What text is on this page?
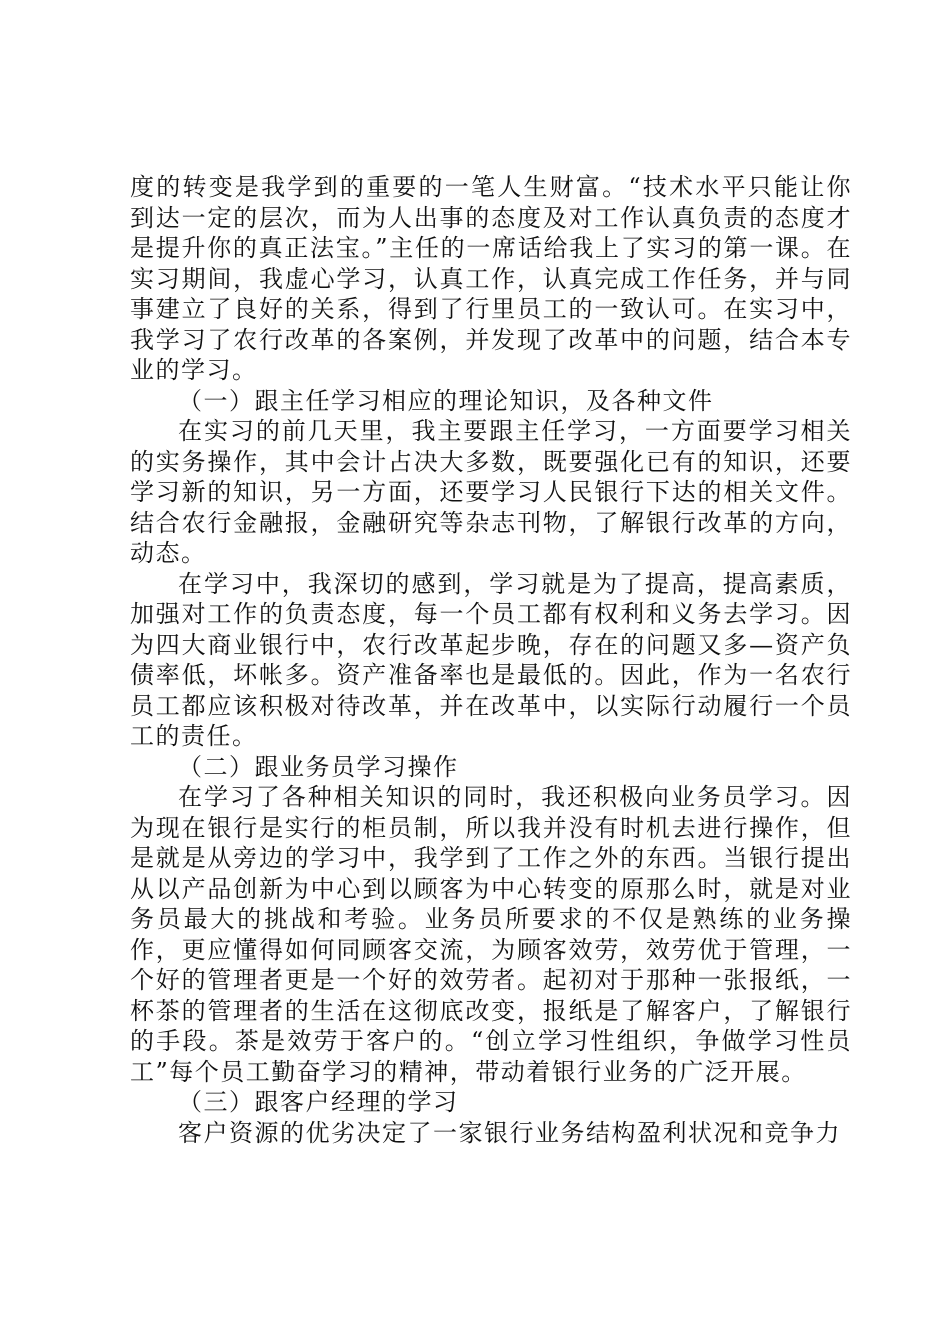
度的转变是我学到的重要的一笔人生财富。“技术水平只能让你到达一定的层次，而为人出事的态度及对工作认真负责的态度才是提升你的真正法宝。”主任的一席话给我上了实习的第一课。在实习期间，我虚心学习，认真工作，认真完成工作任务，并与同事建立了良好的关系，得到了行里员工的一致认可。在实习中，我学习了农行改革的各案例，并发现了改革中的问题，结合本专业的学习。

（一）跟主任学习相应的理论知识，及各种文件

在实习的前几天里，我主要跟主任学习，一方面要学习相关的实务操作，其中会计占决大多数，既要强化已有的知识，还要学习新的知识，另一方面，还要学习人民银行下达的相关文件。结合农行金融报，金融研究等杂志刊物，了解银行改革的方向，动态。

在学习中，我深切的感到，学习就是为了提高，提高素质，加强对工作的负责态度，每一个员工都有权利和义务去学习。因为四大商业银行中，农行改革起步晚，存在的问题又多—资产负债率低，坏帐多。资产准备率也是最低的。因此，作为一名农行员工都应该积极对待改革，并在改革中，以实际行动履行一个员工的责任。

（二）跟业务员学习操作

在学习了各种相关知识的同时，我还积极向业务员学习。因为现在银行是实行的柜员制，所以我并没有时机去进行操作，但是就是从旁边的学习中，我学到了工作之外的东西。当银行提出从以产品创新为中心到以顾客为中心转变的原那么时，就是对业务员最大的挑战和考验。业务员所要求的不仅是熟练的业务操作，更应懂得如何同顾客交流，为顾客效劳，效劳优于管理，一个好的管理者更是一个好的效劳者。起初对于那种一张报纸，一杯茶的管理者的生活在这彻底改变，报纸是了解客户，了解银行的手段。茶是效劳于客户的。“创立学习性组织，争做学习性员工”每个员工勤奋学习的精神，带动着银行业务的广泛开展。

（三）跟客户经理的学习

客户资源的优劣决定了一家银行业务结构盈利状况和竞争力
